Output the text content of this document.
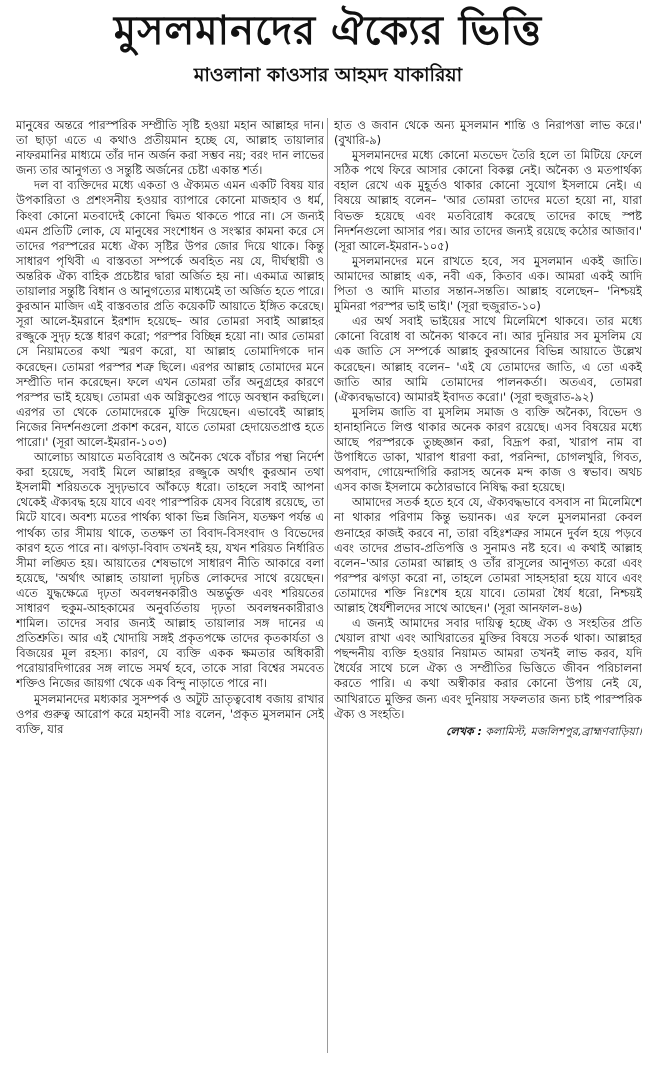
মুসলমানদের ঐক্যের ভিত্তি
মাওলানা কাওসার আহমদ যাকারিয়া

মানুষের অন্তরে পারস্পরিক সম্প্রীতি সৃষ্টি হওয়া মহান আল্লাহর দান। তা ছাড়া এতে এ কথাও প্রতীয়মান হচ্ছে যে, আল্লাহ তায়ালার নাফরমানির মাধ্যমে তাঁর দান অর্জন করা সম্ভব নয়; বরং দান লাভের জন্য তার আনুগত্য ও সন্তুষ্টি অর্জনের চেষ্টা একান্ত শর্ত।

দল বা ব্যক্তিদের মধ্যে একতা ও ঐক্যমত এমন একটি বিষয় যার উপকারিতা ও প্রশংসনীয় হওয়ার ব্যাপারে কোনো মাজহাব ও ধর্ম, কিংবা কোনো মতবাদেই কোনো দ্বিমত থাকতে পারে না। সে জন্যই এমন প্রতিটি লোক, যে মানুষের সংশোধন ও সংস্কার কামনা করে সে তাদের পরস্পরের মধ্যে ঐক্য সৃষ্টির উপর জোর দিয়ে থাকে। কিন্তু সাধারণ পৃথিবী এ বাস্তবতা সম্পর্কে অবহিত নয় যে, দীর্ঘস্থায়ী ও অন্তরিক ঐক্য বাহিক প্রচেষ্টার দ্বারা অর্জিত হয় না। একমাত্র আল্লাহ তায়ালার সন্তুষ্টি বিধান ও আনুগত্যের মাধ্যমেই তা অর্জিত হতে পারে। কুরআন মাজিদ এই বাস্তবতার প্রতি কয়েকটি আয়াতে ইঙ্গিত করেছে। সূরা আলে-ইমরানে ইরশাদ হয়েছে– আর তোমরা সবাই আল্লাহর রজ্জুকে সুদৃঢ় হস্তে ধারণ করো; পরস্পর বিচ্ছিন্ন হয়ো না। আর তোমরা সে নিয়ামতের কথা স্মরণ করো, যা আল্লাহ তোমাদিগকে দান করেছেন। তোমরা পরস্পর শত্রু ছিলে। এরপর আল্লাহ তোমাদের মনে সম্প্রীতি দান করেছেন। ফলে এখন তোমরা তাঁর অনুগ্রহের কারণে পরস্পর ভাই হয়েছ। তোমরা এক অগ্নিকুণ্ডের পাড়ে অবস্থান করছিলে। এরপর তা থেকে তোমাদেরকে মুক্তি দিয়েছেন। এভাবেই আল্লাহ নিজের নিদর্শনগুলো প্রকাশ করেন, যাতে তোমরা হেদায়েতপ্রাপ্ত হতে পারো।' (সূরা আলে-ইমরান-১০৩)

আলোচ্য আয়াতে মতবিরোধ ও অনৈক্য থেকে বাঁচার পন্থা নির্দেশ করা হয়েছে, সবাই মিলে আল্লাহর রজ্জুকে অর্থাৎ কুরআন তথা ইসলামী শরিয়তকে সুদৃঢ়ভাবে আঁকড়ে ধরো। তাহলে সবাই আপনা থেকেই ঐক্যবদ্ধ হয়ে যাবে এবং পারস্পরিক যেসব বিরোধ রয়েছে, তা মিটে যাবে। অবশ্য মতের পার্থক্য থাকা ভিন্ন জিনিস, যতক্ষণ পর্যন্ত এ পার্থক্য তার সীমায় থাকে, ততক্ষণ তা বিবাদ-বিসংবাদ ও বিভেদের কারণ হতে পারে না। ঝগড়া-বিবাদ তখনই হয়, যখন শরিয়ত নির্ধারিত সীমা লঙ্ঘিত হয়। আয়াতের শেষভাগে সাধারণ নীতি আকারে বলা হয়েছে, 'অর্থাৎ আল্লাহ তায়ালা দৃঢ়চিত্ত লোকদের সাথে রয়েছেন। এতে যুদ্ধক্ষেত্রে দৃঢ়তা অবলম্বনকারীও অন্তর্ভুক্ত এবং শরিয়তের সাধারণ হুকুম-আহকামের অনুবর্তিতায় দৃঢ়তা অবলম্বনকারীরাও শামিল। তাদের সবার জন্যই আল্লাহ তায়ালার সঙ্গ দানের এ প্রতিশ্রুতি। আর এই খোদায়ি সঙ্গই প্রকৃতপক্ষে তাদের কৃতকার্যতা ও বিজয়ের মূল রহস্য। কারণ, যে ব্যক্তি একক ক্ষমতার অধিকারী পরোয়ারদিগারের সঙ্গ লাভে সমর্থ হবে, তাকে সারা বিশ্বের সমবেত শক্তিও নিজের জায়গা থেকে এক বিন্দু নাড়াতে পারে না।

মুসলমানদের মধ্যকার সুসম্পর্ক ও অটুট ভ্রাতৃত্ববোধ বজায় রাখার ওপর গুরুত্ব আরোপ করে মহানবী সাঃ বলেন, 'প্রকৃত মুসলমান সেই ব্যক্তি, যার

হাত ও জবান থেকে অন্য মুসলমান শান্তি ও নিরাপত্তা লাভ করে।' (বুখারি-৯)

মুসলমানদের মধ্যে কোনো মতভেদ তৈরি হলে তা মিটিয়ে ফেলে সঠিক পথে ফিরে আসার কোনো বিকল্প নেই। অনৈক্য ও মতপার্থক্য বহাল রেখে এক মুহূর্তও থাকার কোনো সুযোগ ইসলামে নেই। এ বিষয়ে আল্লাহ বলেন– 'আর তোমরা তাদের মতো হয়ো না, যারা বিভক্ত হয়েছে এবং মতবিরোধ করেছে তাদের কাছে স্পষ্ট নিদর্শনগুলো আসার পর। আর তাদের জন্যই রয়েছে কঠোর আজাব।' (সূরা আলে-ইমরান-১০৫)

মুসলমানদের মনে রাখতে হবে, সব মুসলমান একই জাতি। আমাদের আল্লাহ এক, নবী এক, কিতাব এক। আমরা একই আদি পিতা ও আদি মাতার সন্তান-সন্ততি। আল্লাহ বলেছেন– 'নিশ্চয়ই মুমিনরা পরস্পর ভাই ভাই।' (সূরা হুজুরাত-১০)

এর অর্থ সবাই ভাইয়ের সাথে মিলেমিশে থাকবে। তার মধ্যে কোনো বিরোধ বা অনৈক্য থাকবে না। আর দুনিয়ার সব মুসলিম যে এক জাতি সে সম্পর্কে আল্লাহ কুরআনের বিভিন্ন আয়াতে উল্লেখ করেছেন। আল্লাহ বলেন– 'এই যে তোমাদের জাতি, এ তো একই জাতি আর আমি তোমাদের পালনকর্তা। অতএব, তোমরা (ঐক্যবদ্ধভাবে) আমারই ইবাদত করো।' (সূরা হুজুরাত-৯২)

মুসলিম জাতি বা মুসলিম সমাজ ও ব্যক্তি অনৈক্য, বিভেদ ও হানাহানিতে লিপ্ত থাকার অনেক কারণ রয়েছে। এসব বিষয়ের মধ্যে আছে পরস্পরকে তুচ্ছজ্ঞান করা, বিদ্রূপ করা, খারাপ নাম বা উপাধিতে ডাকা, খারাপ ধারণা করা, পরনিন্দা, চোগলখুরি, গিবত, অপবাদ, গোয়েন্দাগিরি করাসহ অনেক মন্দ কাজ ও স্বভাব। অথচ এসব কাজ ইসলামে কঠোরভাবে নিষিদ্ধ করা হয়েছে।

আমাদের সতর্ক হতে হবে যে, ঐক্যবদ্ধভাবে বসবাস না মিলেমিশে না থাকার পরিণাম কিন্তু ভয়ানক। এর ফলে মুসলমানরা কেবল গুনাহের কাজই করবে না, তারা বহিঃশত্রুর সামনে দুর্বল হয়ে পড়বে এবং তাদের প্রভাব-প্রতিপত্তি ও সুনামও নষ্ট হবে। এ কথাই আল্লাহ বলেন–'আর তোমরা আল্লাহ ও তাঁর রাসূলের আনুগত্য করো এবং পরস্পর ঝগড়া করো না, তাহলে তোমরা সাহসহারা হয়ে যাবে এবং তোমাদের শক্তি নিঃশেষ হয়ে যাবে। তোমরা ধৈর্য ধরো, নিশ্চয়ই আল্লাহ ধৈর্যশীলদের সাথে আছেন।' (সূরা আনফাল-৪৬)

এ জন্যই আমাদের সবার দায়িত্ব হচ্ছে ঐক্য ও সংহতির প্রতি খেয়াল রাখা এবং আখিরাতের মুক্তির বিষয়ে সতর্ক থাকা। আল্লাহর পছন্দনীয় ব্যক্তি হওয়ার নিয়ামত আমরা তখনই লাভ করব, যদি ধৈর্যের সাথে চলে ঐক্য ও সম্প্রীতির ভিত্তিতে জীবন পরিচালনা করতে পারি। এ কথা অস্বীকার করার কোনো উপায় নেই যে, আখিরাতে মুক্তির জন্য এবং দুনিয়ায় সফলতার জন্য চাই পারস্পরিক ঐক্য ও সংহতি।

লেখক : কলামিস্ট, মজলিশপুর,ব্রাহ্মণবাড়িয়া।
